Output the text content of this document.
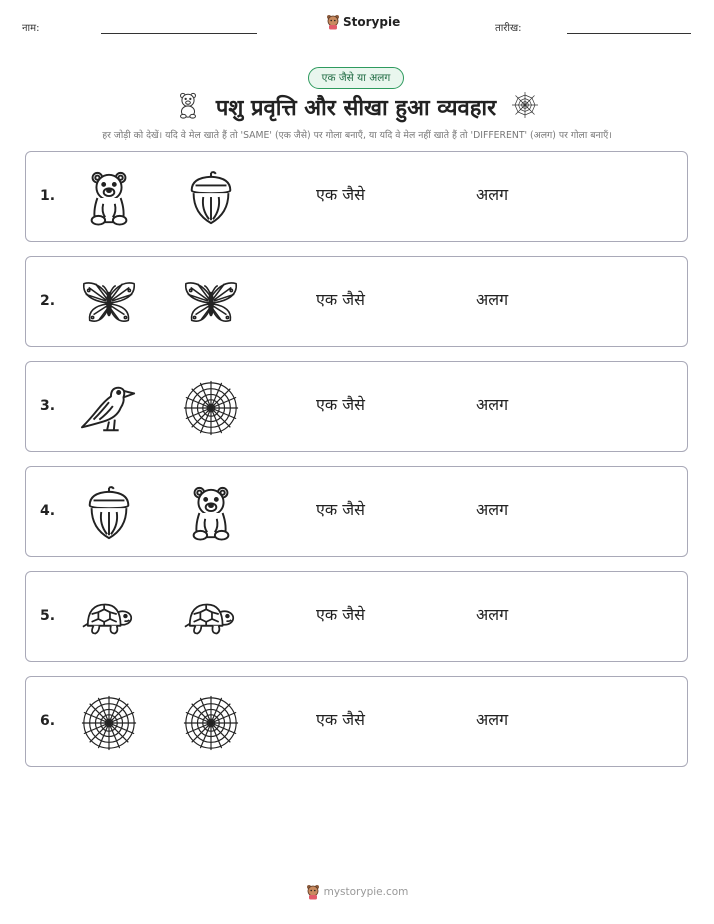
नाम:	Storypie	तारीख:
एक जैसे या अलग
पशु प्रवृत्ति और सीखा हुआ व्यवहार
हर जोड़ी को देखें। यदि वे मेल खाते हैं तो 'SAME' (एक जैसे) पर गोला बनाएँ, या यदि वे मेल नहीं खाते हैं तो 'DIFFERENT' (अलग) पर गोला बनाएँ।
1.	एक जैसे	अलग
2.	एक जैसे	अलग
3.	एक जैसे	अलग
4.	एक जैसे	अलग
5.	एक जैसे	अलग
6.	एक जैसे	अलग
mystorypie.com
